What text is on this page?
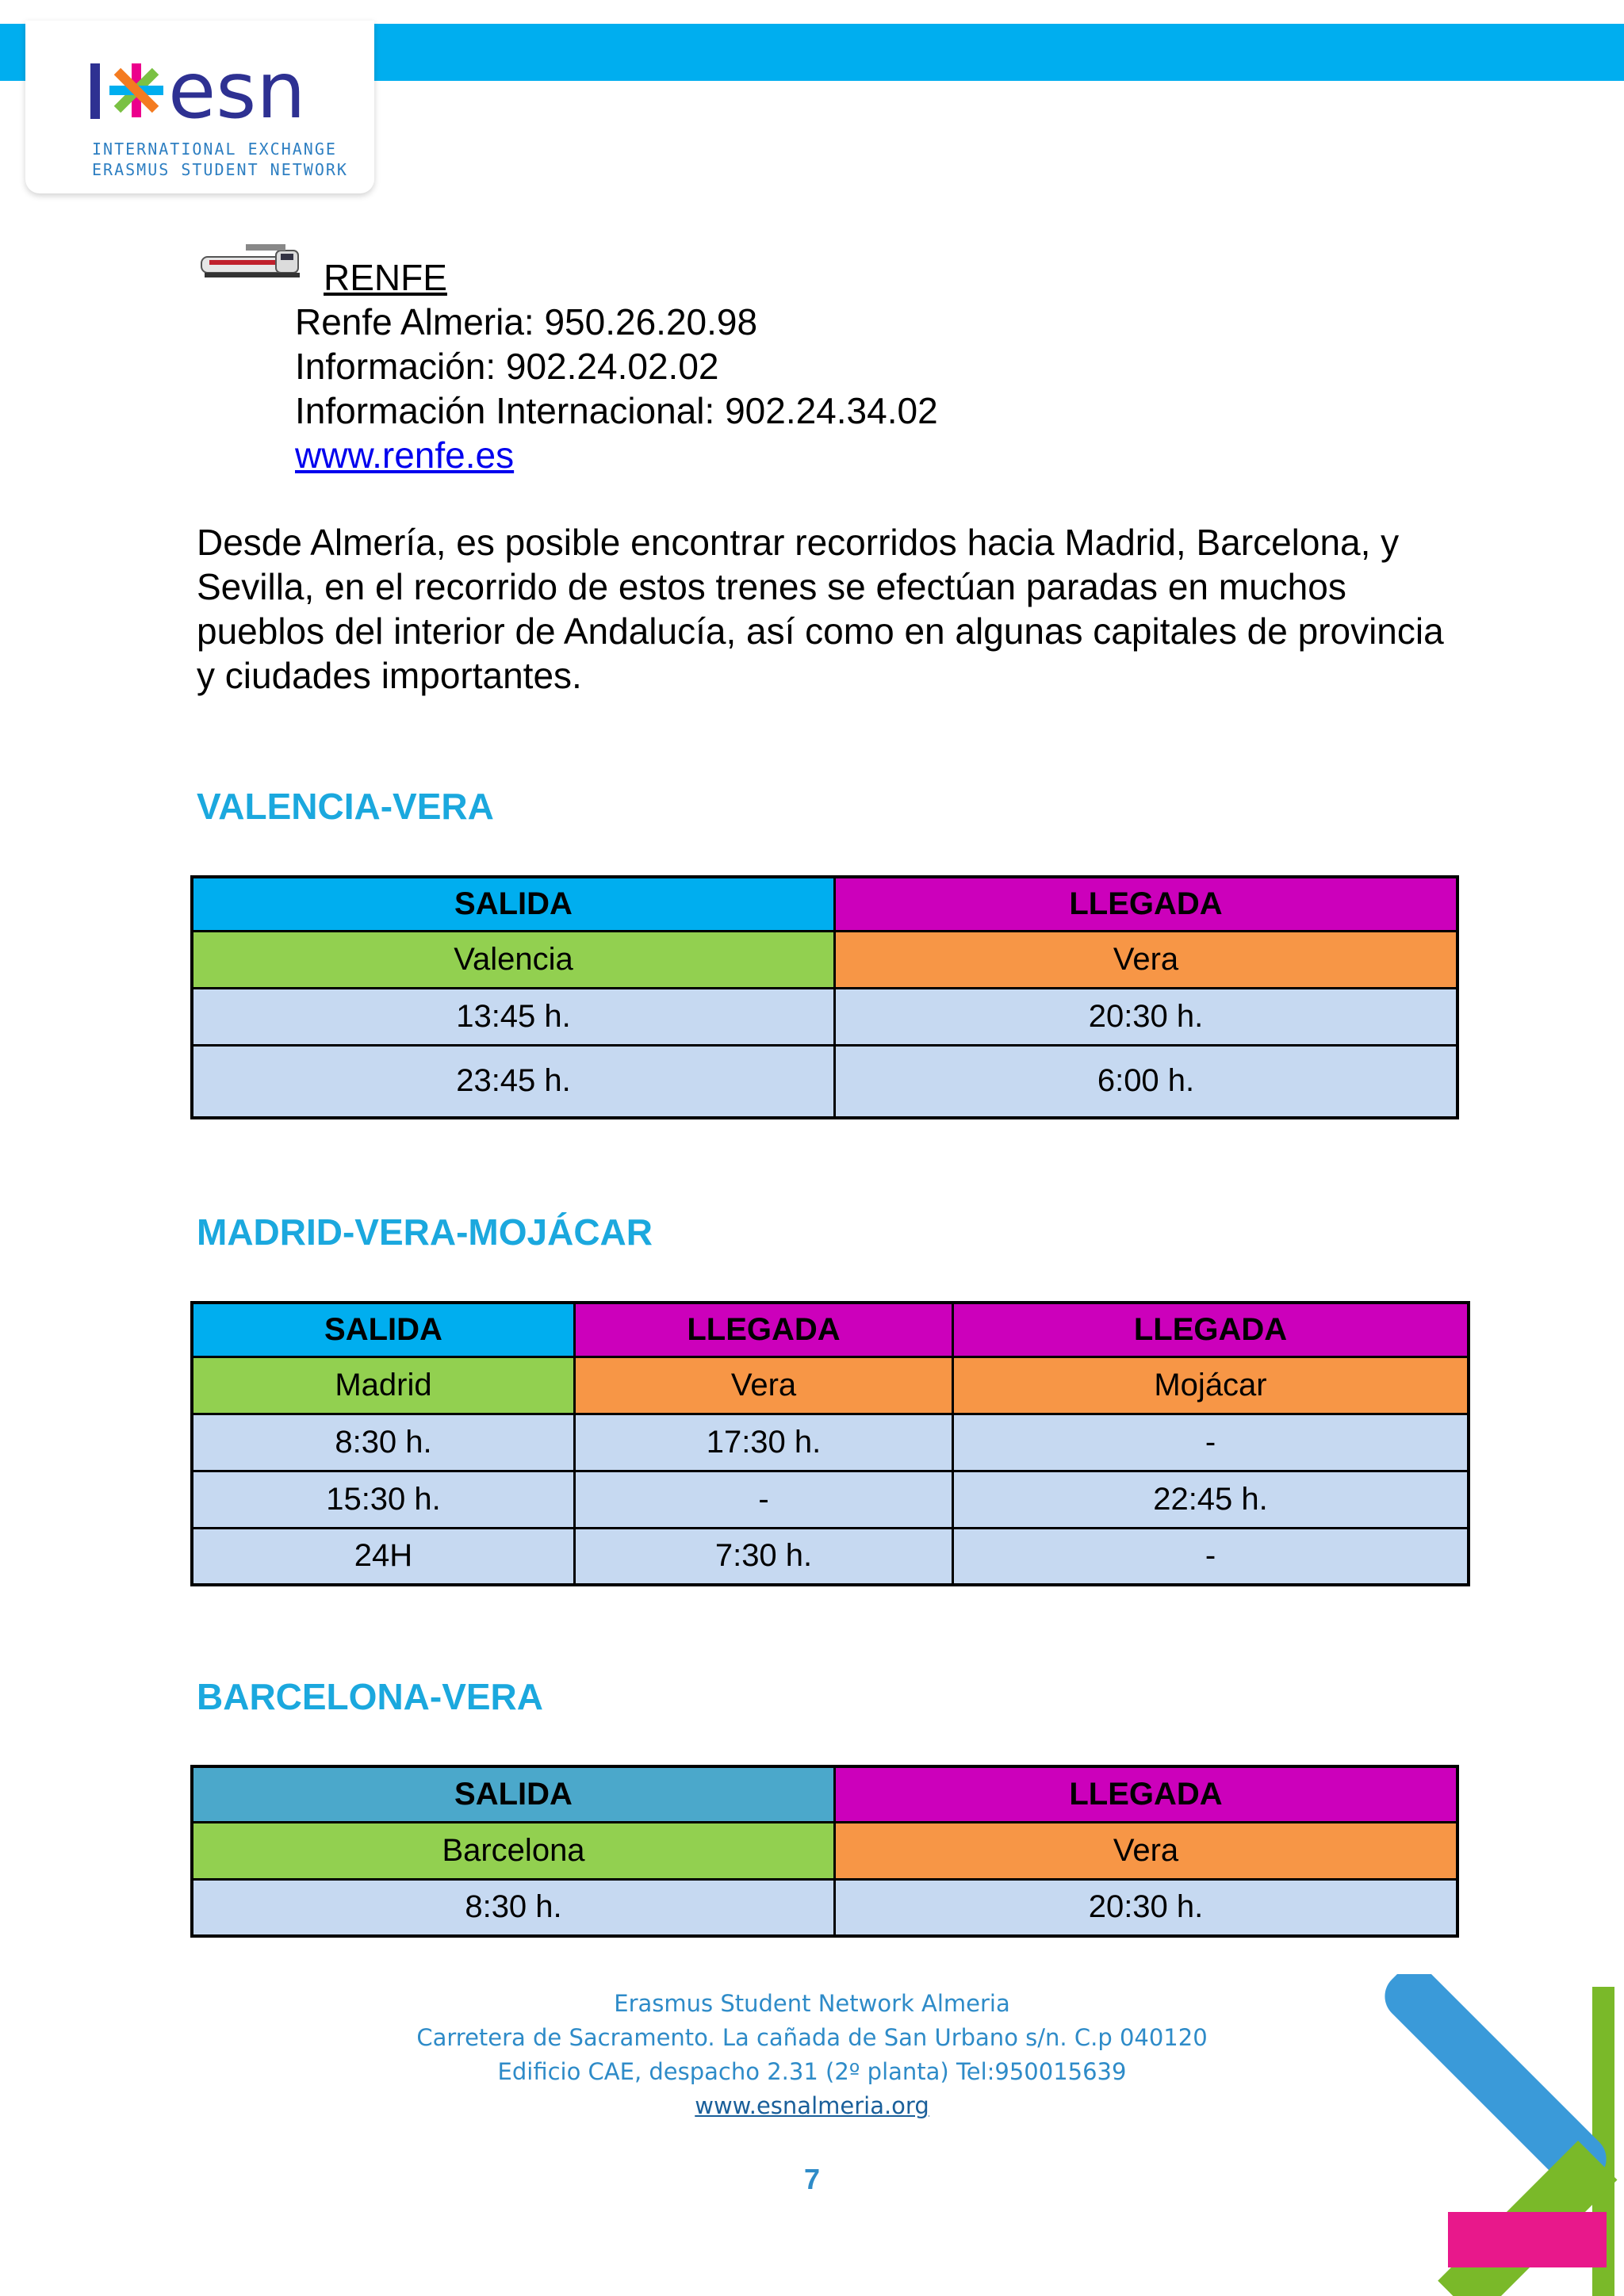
esn
INTERNATIONAL EXCHANGE
ERASMUS STUDENT NETWORK
RENFE
Renfe Almeria: 950.26.20.98
Información: 902.24.02.02
Información Internacional: 902.24.34.02
www.renfe.es
Desde Almería, es posible encontrar recorridos hacia Madrid, Barcelona, y Sevilla, en el recorrido de estos trenes se efectúan paradas en muchos pueblos del interior de Andalucía, así como en algunas capitales de provincia y ciudades importantes.
VALENCIA-VERA
SALIDA	LLEGADA
Valencia	Vera
13:45 h.	20:30 h.
23:45 h.	6:00 h.
MADRID-VERA-MOJÁCAR
SALIDA	LLEGADA	LLEGADA
Madrid	Vera	Mojácar
8:30 h.	17:30 h.	-
15:30 h.	-	22:45 h.
24H	7:30 h.	-
BARCELONA-VERA
SALIDA	LLEGADA
Barcelona	Vera
8:30 h.	20:30 h.
Erasmus Student Network Almeria
Carretera de Sacramento. La cañada de San Urbano s/n. C.p 040120
Edificio CAE, despacho 2.31 (2º planta) Tel:950015639
www.esnalmeria.org
7
